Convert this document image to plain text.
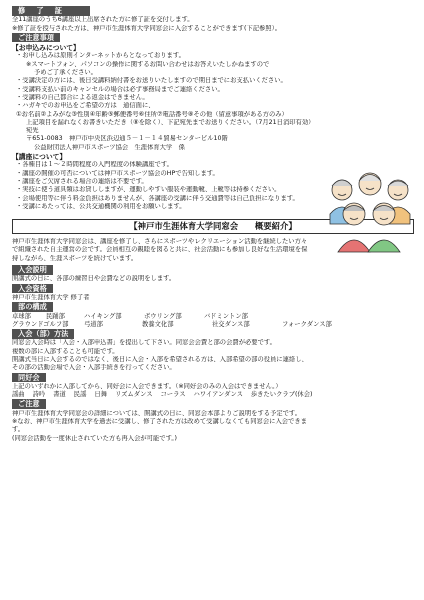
修　了　証
全11講座のうち6講座以上出席された方に修了証を交付します。
※修了証を授与された方は、神戸市生涯体育大学同窓会に入会することができます(下記参照）。
ご注意事項
【お申込みについて】
・お申し込みは原則インターネットからとなっております。
※スマートフォン、パソコンの操作に関するお問い合わせはお答えいたしかねますので
予めご了承ください。
・受講決定の方には、後日受講料納付書をお送りいたしますので期日までにお支払いください。
・受講料支払い前のキャンセルの場合は必ず事務局までご連絡ください。
・受講料の自己都合による返金はできません。
・ハガキでのお申込をご希望の方は　通信面に、
①お名前②よみがな③性別④年齢⑤郵便番号⑥住所⑦電話番号⑧その他（留意事項がある方のみ）
上記項目を漏れなくお書きいただき（⑧を除く）、下記宛先までお送りください。（7月21日消印有効）
宛先
〒651-0083　神戸市中央区浜辺通５－１－１４貿易センタービル10階
公益財団法人神戸市スポーツ協会　生涯体育大学　係
【講座について】
・各種目は１～２時間程度の入門程度の体験講座です。
・講座の開催の可否については神戸市スポーツ協会のHPで告知します。
・講座をご欠席される場合の連絡は不要です。
・実技に使う道具類はお貸ししますが、運動しやすい服装や運動靴、上靴等は持参ください。
・会場使用等に伴う料金負担はありませんが、各講座の受講に伴う交通費等は自己負担になります。
・受講にあたっては、公共交通機関の利用をお願いします。
【神戸市生涯体育大学同窓会　　概要紹介】
神戸市生涯体育大学同窓会は、講座を修了し、さらにスポーツやレクリエーション活動を継続したい方々
で組織された自主運営の会です。会員相互の親睦を図ると共に、社会活動にも参加し良好な生活環境を保
持しながら、生涯スポーツを続けています。
入会説明
開講式の日に、各部の練習日や会費などの説明をします。
入会資格
神戸市生涯体育大学 修了者
部の構成
卓球部	民踊部	ハイキング部	ボウリング部	バドミントン部
グラウンドゴルフ部	弓道部	教養文化部	社交ダンス部	フォークダンス部
入会（部）方法
同窓会入会時は「入会・入部申込書」を提出して下さい。同窓会会費と部の会費が必要です。
複数の部に入部することも可能です。
開講式当日に入会するのではなく、後日に入会・入部を希望される方は、入部希望の部の役員に連絡し、
その部の活動会場で入会・入部手続きを行ってください。
同好会
上記のいずれかに入部してから、同好会に入会できます。（※同好会のみの入会はできません。）
謡曲 詩吟 書道 民謡 日舞 リズムダンス コーラス ハワイアンダンス 歩きたいクラブ(休会)
ご注意
神戸市生涯体育大学同窓会の詳細については、開講式の日に、同窓会本部よりご説明をする予定です。
※なお、神戸市生涯体育大学を過去に受講し、修了された方は改めて受講しなくても同窓会に入会できま
す。
(同窓会活動を一度休止されていた方も再入会が可能です。)
